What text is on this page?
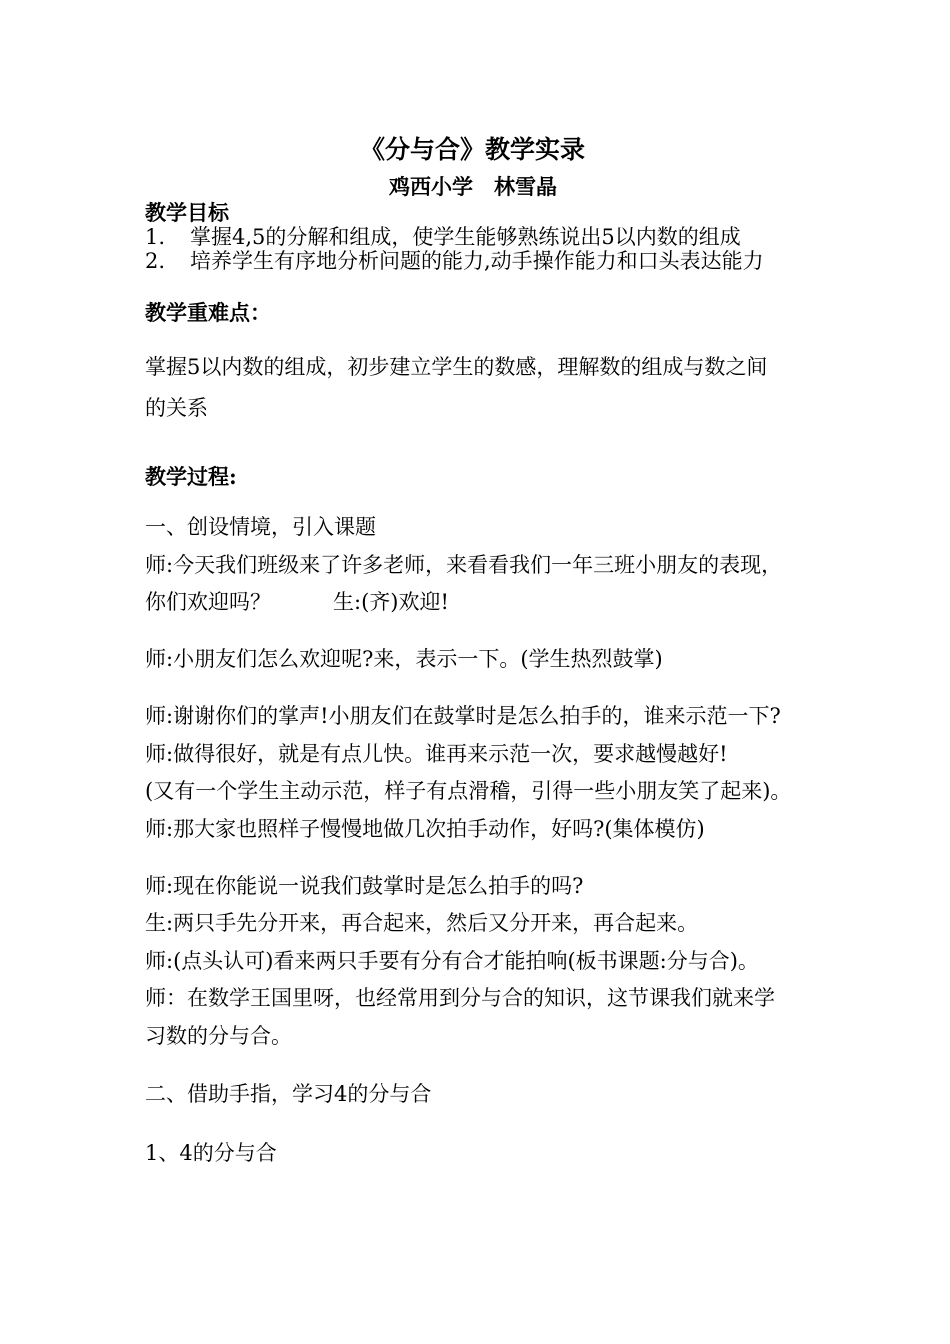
《分与合》教学实录
鸡西小学　林雪晶
教学目标
1. 掌握4,5的分解和组成，使学生能够熟练说出5以内数的组成
2. 培养学生有序地分析问题的能力,动手操作能力和口头表达能力
教学重难点：
掌握5以内数的组成，初步建立学生的数感，理解数的组成与数之间
的关系
教学过程:
一、创设情境，引入课题
师:今天我们班级来了许多老师，来看看我们一年三班小朋友的表现，
你们欢迎吗？	生:(齐)欢迎!
师:小朋友们怎么欢迎呢?来，表示一下。(学生热烈鼓掌)
师:谢谢你们的掌声!小朋友们在鼓掌时是怎么拍手的，谁来示范一下?
师:做得很好，就是有点儿快。谁再来示范一次，要求越慢越好!
(又有一个学生主动示范，样子有点滑稽，引得一些小朋友笑了起来)。
师:那大家也照样子慢慢地做几次拍手动作，好吗?(集体模仿)
师:现在你能说一说我们鼓掌时是怎么拍手的吗?
生:两只手先分开来，再合起来，然后又分开来，再合起来。
师:(点头认可)看来两只手要有分有合才能拍响(板书课题:分与合)。
师：在数学王国里呀，也经常用到分与合的知识，这节课我们就来学
习数的分与合。
二、借助手指，学习4的分与合
1、4的分与合
